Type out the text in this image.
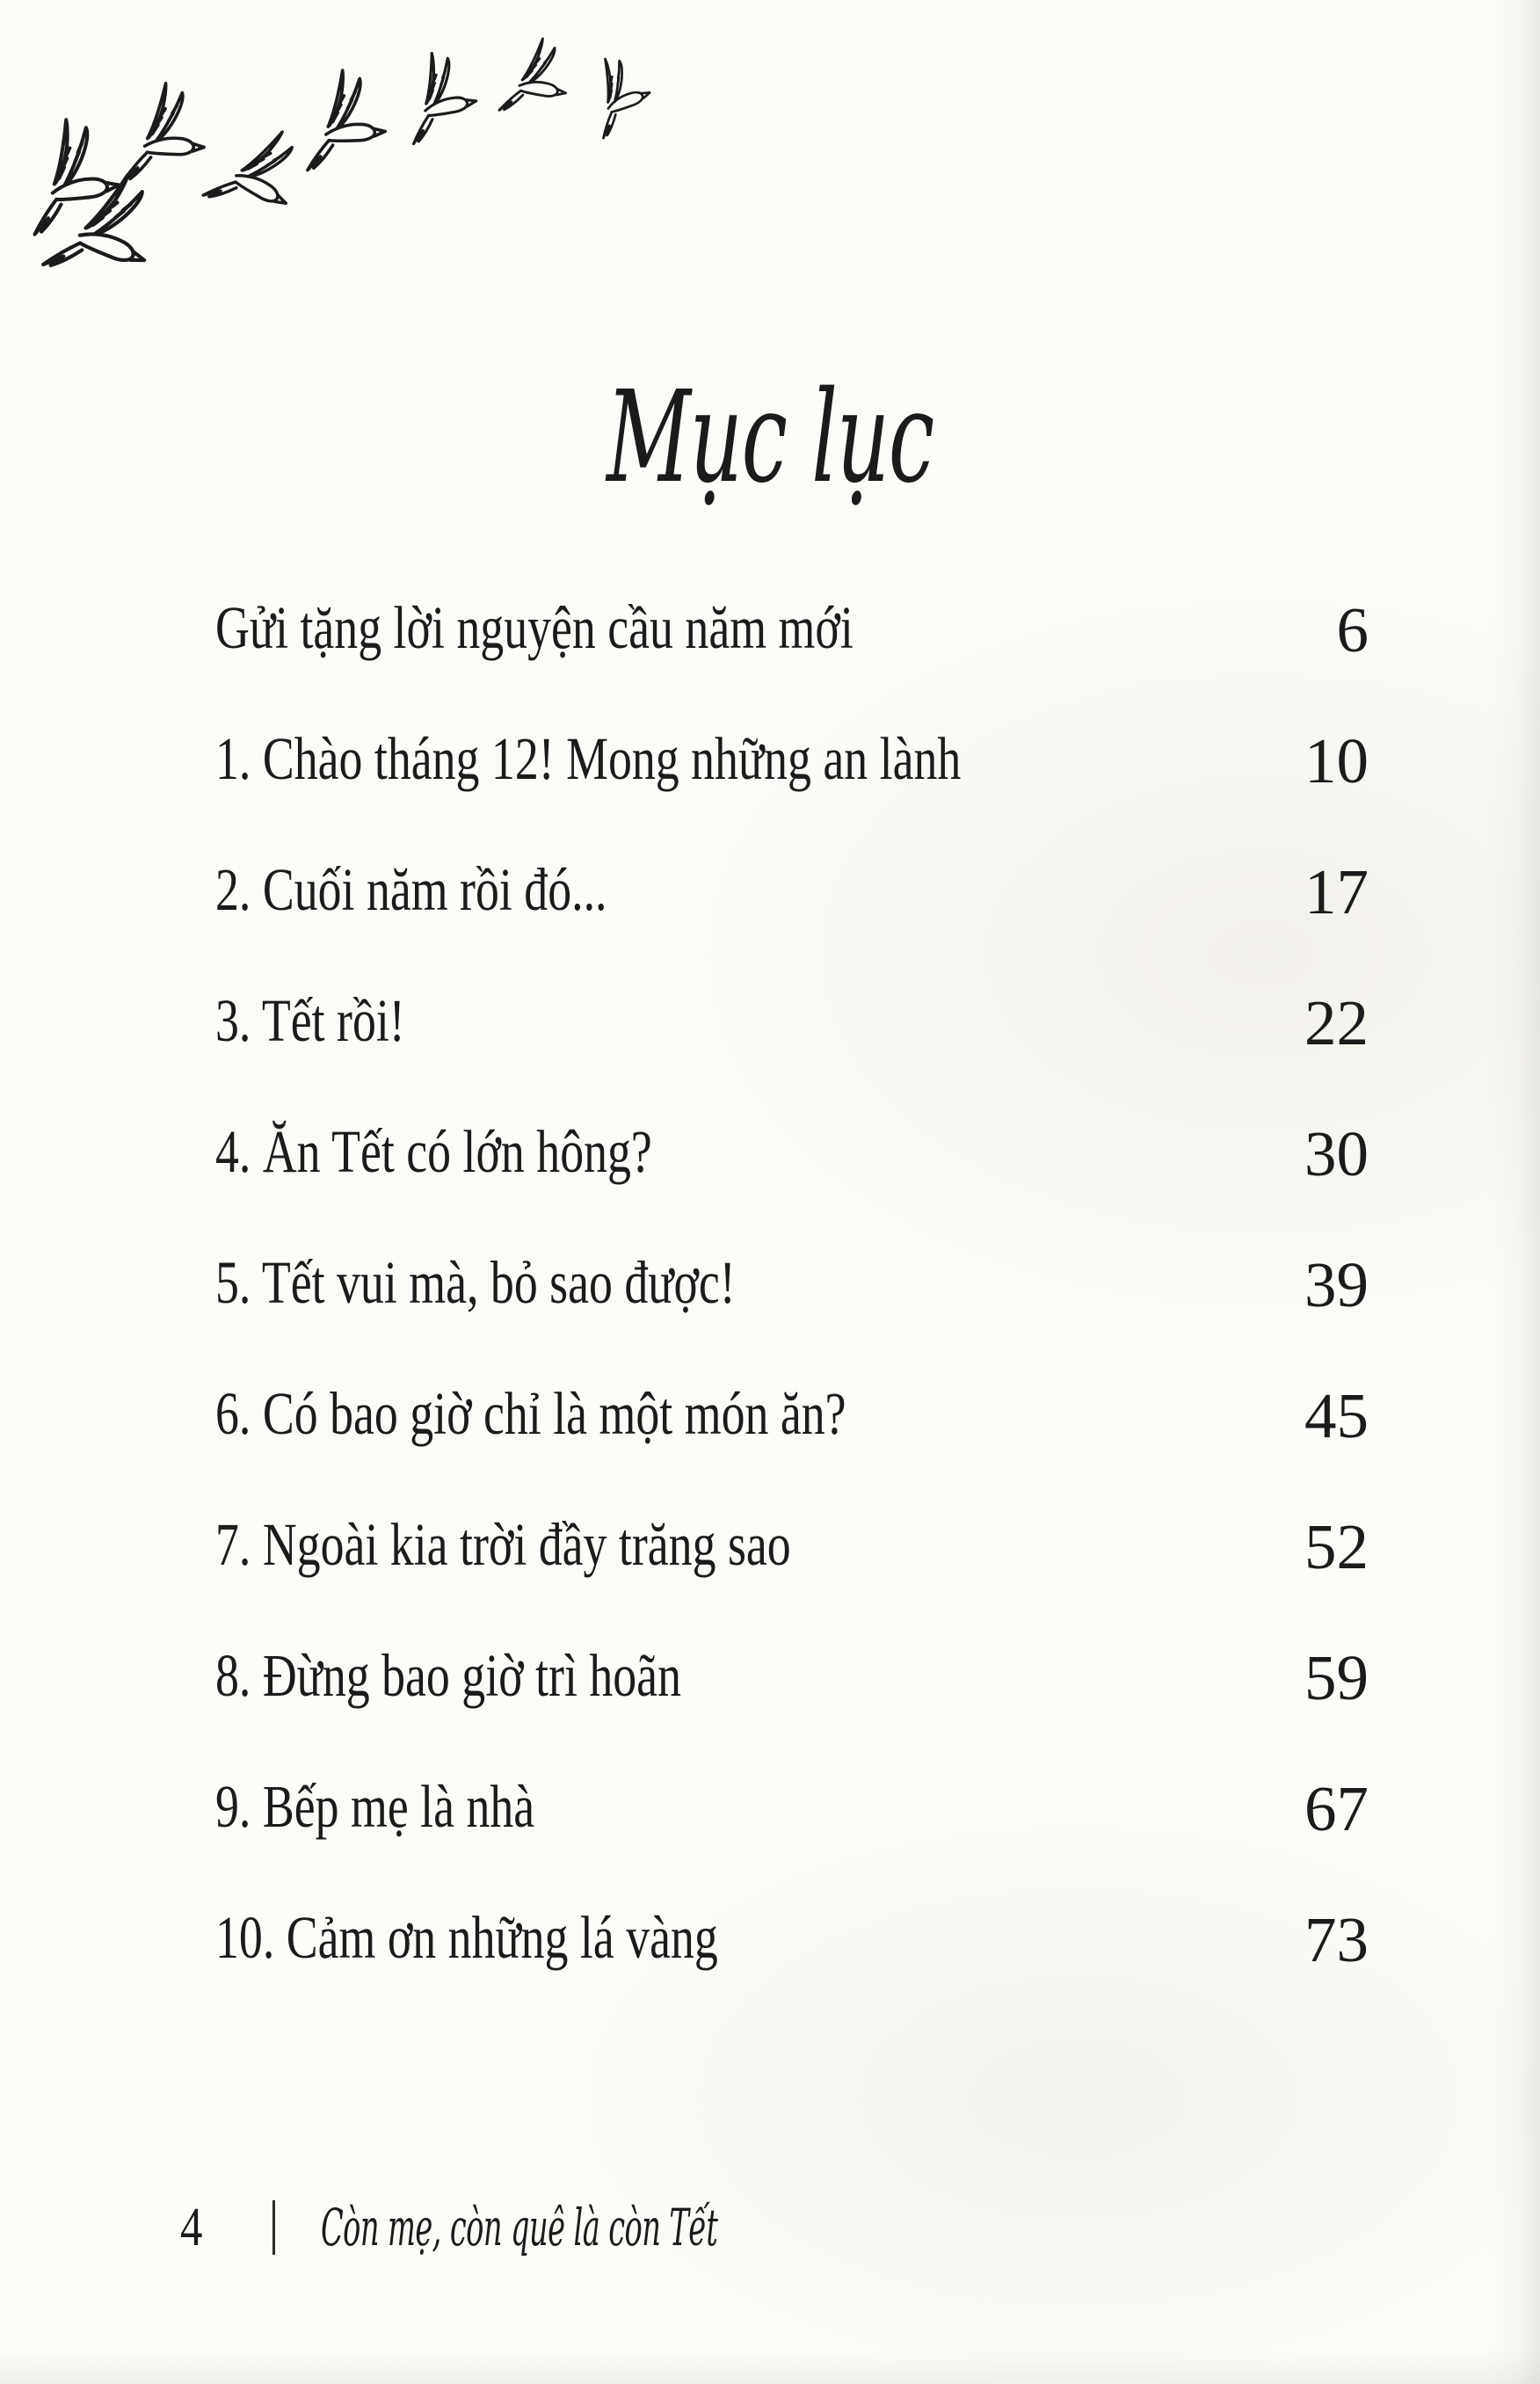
Mục lục
Gửi tặng lời nguyện cầu năm mới	6
1. Chào tháng 12! Mong những an lành	10
2. Cuối năm rồi đó...	17
3. Tết rồi!	22
4. Ăn Tết có lớn hông?	30
5. Tết vui mà, bỏ sao được!	39
6. Có bao giờ chỉ là một món ăn?	45
7. Ngoài kia trời đầy trăng sao	52
8. Đừng bao giờ trì hoãn	59
9. Bếp mẹ là nhà	67
10. Cảm ơn những lá vàng	73
4 Còn mẹ, còn quê là còn Tết
